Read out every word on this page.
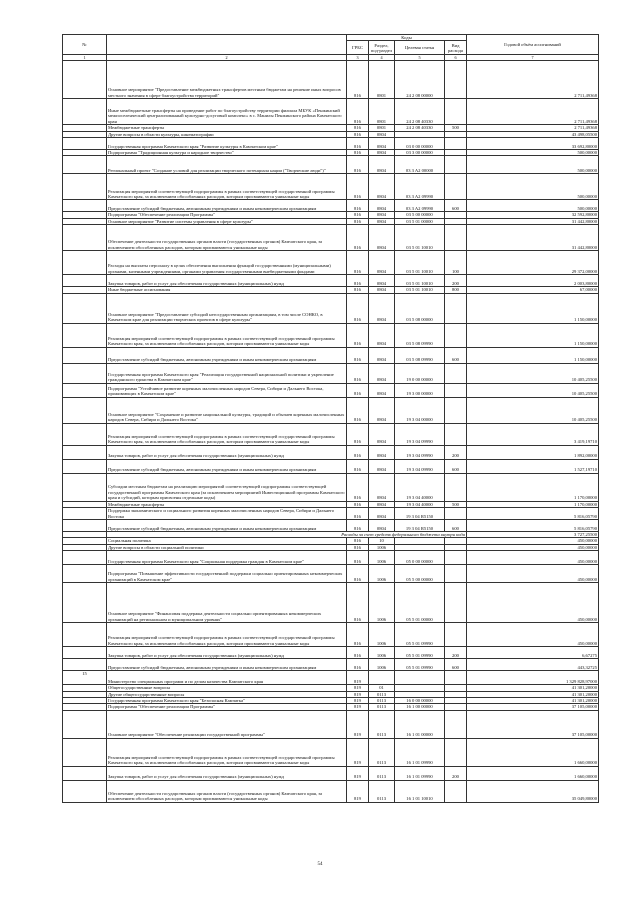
№		Коды				Годовой объём ассигнований
		ГРБС	Раздел, под-раздел	Целевая статья	Вид расхода	
1	2	3	4	5	6	7
	Основное мероприятие "Предоставление межбюджетных трансфертов местным бюджетам на решение иных вопросов местного значения в сфере благоустройства территорий"	816	0801	24 2 08 00000		2 711,49368
	Иные межбюджетные трансферты на проведение работ по благоустройству территории филиала МБУК «Пенжинский межпоселенческий централизованный культурно-досуговый комплекс» в с. Манилы Пенжинского района Камчатского края	816	0801	24 2 08 40330		2 711,49368
	Межбюджетные трансферты	816	0801	24 2 08 40330	500	2 711,49368
	Другие вопросы в области культуры, кинематографии	816	0804			43 498,05500
	Государственная программа Камчатского края "Развитие культуры в Камчатском крае"	816	0804	03 0 00 00000		33 692,80000
	Подпрограмма "Традиционная культура и народное творчество"	816	0804	03 3 00 00000		500,00000
	Региональный проект "Создание условий для реализации творческого потенциала нации ("Творческие люди")"	816	0804	03 3 A2 00000		500,00000
	Реализация мероприятий соответствующей подпрограммы в рамках соответствующей государственной программы Камчатского края, за исключением обособленных расходов, которым присваиваются уникальные коды	816	0804	03 3 A2 09990		500,00000
	Предоставление субсидий бюджетным, автономным учреждениям и иным некоммерческим организациям	816	0804	03 3 A2 09990	600	500,00000
	Подпрограмма "Обеспечение реализации Программы"	816	0804	03 5 00 00000		32 592,80000
	Основное мероприятие "Развитие системы управления в сфере культуры"	816	0804	03 5 01 00000		31 442,80000
	Обеспечение деятельности государственных органов власти (государственных органов) Камчатского края, за исключением обособленных расходов, которым присваиваются уникальные коды	816	0804	03 5 01 10010		31 442,80000
	Расходы на выплаты персоналу в целях обеспечения выполнения функций государственными (муниципальными) органами, казенными учреждениями, органами управления государственными внебюджетными фондами	816	0804	03 5 01 10010	100	29 372,00000
	Закупка товаров, работ и услуг для обеспечения государственных (муниципальных) нужд	816	0804	03 5 01 10010	200	2 003,80000
	Иные бюджетные ассигнования	816	0804	03 5 01 10010	800	67,00000
	Основное мероприятие "Предоставление субсидий негосударственным организациям, в том числе СОНКО, в Камчатском крае для реализации творческих проектов в сфере культуры"	816	0804	03 5 08 00000		1 150,00000
	Реализация мероприятий соответствующей подпрограммы в рамках соответствующей государственной программы Камчатского края, за исключением обособленных расходов, которым присваиваются уникальные коды	816	0804	03 5 08 09990		1 150,00000
	Предоставление субсидий бюджетным, автономным учреждениям и иным некоммерческим организациям	816	0804	03 5 08 09990	600	1 150,00000
	Государственная программа Камчатского края "Реализация государственной национальной политики и укрепление гражданского единства в Камчатском крае"	816	0804	19 0 00 00000		10 405,25500
	Подпрограмма "Устойчивое развитие коренных малочисленных народов Севера, Сибири и Дальнего Востока, проживающих в Камчатском крае"	816	0804	19 3 00 00000		10 405,25500
	Основное мероприятие "Сохранение и развитие национальной культуры, традиций и обычаев коренных малочисленных народов Севера, Сибири и Дальнего Востока"	816	0804	19 3 04 00000		10 405,25500
	Реализация мероприятий соответствующей подпрограммы в рамках соответствующей государственной программы Камчатского края, за исключением обособленных расходов, которым присваиваются уникальные коды	816	0804	19 3 04 09990		3 419,19710
	Закупка товаров, работ и услуг для обеспечения государственных (муниципальных) нужд	816	0804	19 3 04 09990	200	1 892,00000
	Предоставление субсидий бюджетным, автономным учреждениям и иным некоммерческим организациям	816	0804	19 3 04 09990	600	1 527,19710
	Субсидии местным бюджетам на реализацию мероприятий соответствующей подпрограммы соответствующей государственной программы Камчатского края (за исключением мероприятий Инвестиционной программы Камчатского края и субсидий, которым присвоены отдельные коды)	816	0804	19 3 04 40000		1 170,00000
	Межбюджетные трансферты	816	0804	19 3 04 40000	500	1 170,00000
	Поддержка экономического и социального развития коренных малочисленных народов Севера, Сибири и Дальнего Востока	816	0804	19 3 04 R5150		5 816,05790
	Предоставление субсидий бюджетным, автономным учреждениям и иным некоммерческим организациям	816	0804	19 3 04 R5150	600	5 816,05790
	Расходы за счет средств федерального бюджета внутри кода					3 727,25500
	Социальная политика	816	10			450,00000
	Другие вопросы в области социальной политики	816	1006			450,00000
	Государственная программа Камчатского края "Социальная поддержка граждан в Камчатском крае"	816	1006	05 0 00 00000		450,00000
	Подпрограмма "Повышение эффективности государственной поддержки социально ориентированных некоммерческих организаций в Камчатском крае"	816	1006	05 5 00 00000		450,00000
	Основное мероприятие "Финансовая поддержка деятельности социально ориентированных некоммерческих организаций на региональном и муниципальном уровнях"	816	1006	05 5 01 00000		450,00000
	Реализация мероприятий соответствующей подпрограммы в рамках соответствующей государственной программы Камчатского края, за исключением обособленных расходов, которым присваиваются уникальные коды	816	1006	05 5 01 09990		450,00000
	Закупка товаров, работ и услуг для обеспечения государственных (муниципальных) нужд	816	1006	05 5 01 09990	200	6,67275
	Предоставление субсидий бюджетным, автономным учреждениям и иным некоммерческим организациям	816	1006	05 5 01 09990	600	443,32725
15	Министерство специальных программ и по делам казачества Камчатского края	819				1 329 828,97000
	Общегосударственные вопросы	819	01			41 301,20000
	Другие общегосударственные вопросы	819	0113			41 301,20000
	Государственная программа Камчатского края "Безопасная Камчатка"	819	0113	16 0 00 00000		41 301,20000
	Подпрограмма "Обеспечение реализации Программы"	819	0113	16 1 00 00000		37 105,00000
	Основное мероприятие "Обеспечение реализации государственной программы"	819	0113	16 1 01 00000		37 105,00000
	Реализация мероприятий соответствующей подпрограммы в рамках соответствующей государственной программы Камчатского края, за исключением обособленных расходов, которым присваиваются уникальные коды	819	0113	16 1 01 09990		1 660,00000
	Закупка товаров, работ и услуг для обеспечения государственных (муниципальных) нужд	819	0113	16 1 01 09990	200	1 660,00000
	Обеспечение деятельности государственных органов власти (государственных органов) Камчатского края, за исключением обособленных расходов, которым присваиваются уникальные коды	819	0113	16 1 01 10010		35 049,80000
54
